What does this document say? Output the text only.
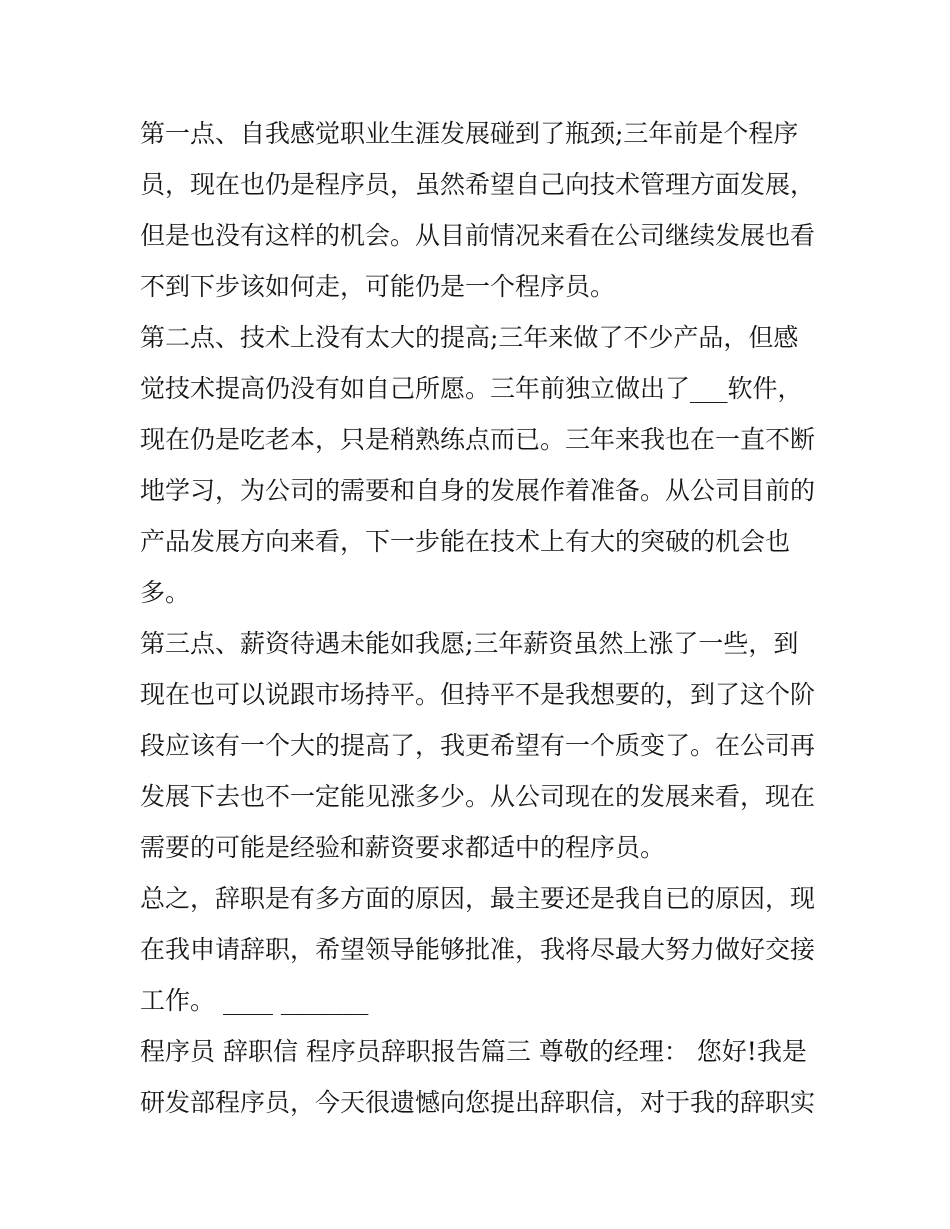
第一点、自我感觉职业生涯发展碰到了瓶颈;三年前是个程序
员，现在也仍是程序员，虽然希望自己向技术管理方面发展，
但是也没有这样的机会。从目前情况来看在公司继续发展也看
不到下步该如何走，可能仍是一个程序员。
第二点、技术上没有太大的提高;三年来做了不少产品，但感
觉技术提高仍没有如自己所愿。三年前独立做出了___软件，
现在仍是吃老本，只是稍熟练点而已。三年来我也在一直不断
地学习，为公司的需要和自身的发展作着准备。从公司目前的
产品发展方向来看，下一步能在技术上有大的突破的机会也
多。
第三点、薪资待遇未能如我愿;三年薪资虽然上涨了一些，到
现在也可以说跟市场持平。但持平不是我想要的，到了这个阶
段应该有一个大的提高了，我更希望有一个质变了。在公司再
发展下去也不一定能见涨多少。从公司现在的发展来看，现在
需要的可能是经验和薪资要求都适中的程序员。
总之，辞职是有多方面的原因，最主要还是我自已的原因，现
在我申请辞职，希望领导能够批准，我将尽最大努力做好交接
工作。 ____ _______
程序员 辞职信 程序员辞职报告篇三 尊敬的经理： 您好!我是
研发部程序员，今天很遗憾向您提出辞职信，对于我的辞职实
